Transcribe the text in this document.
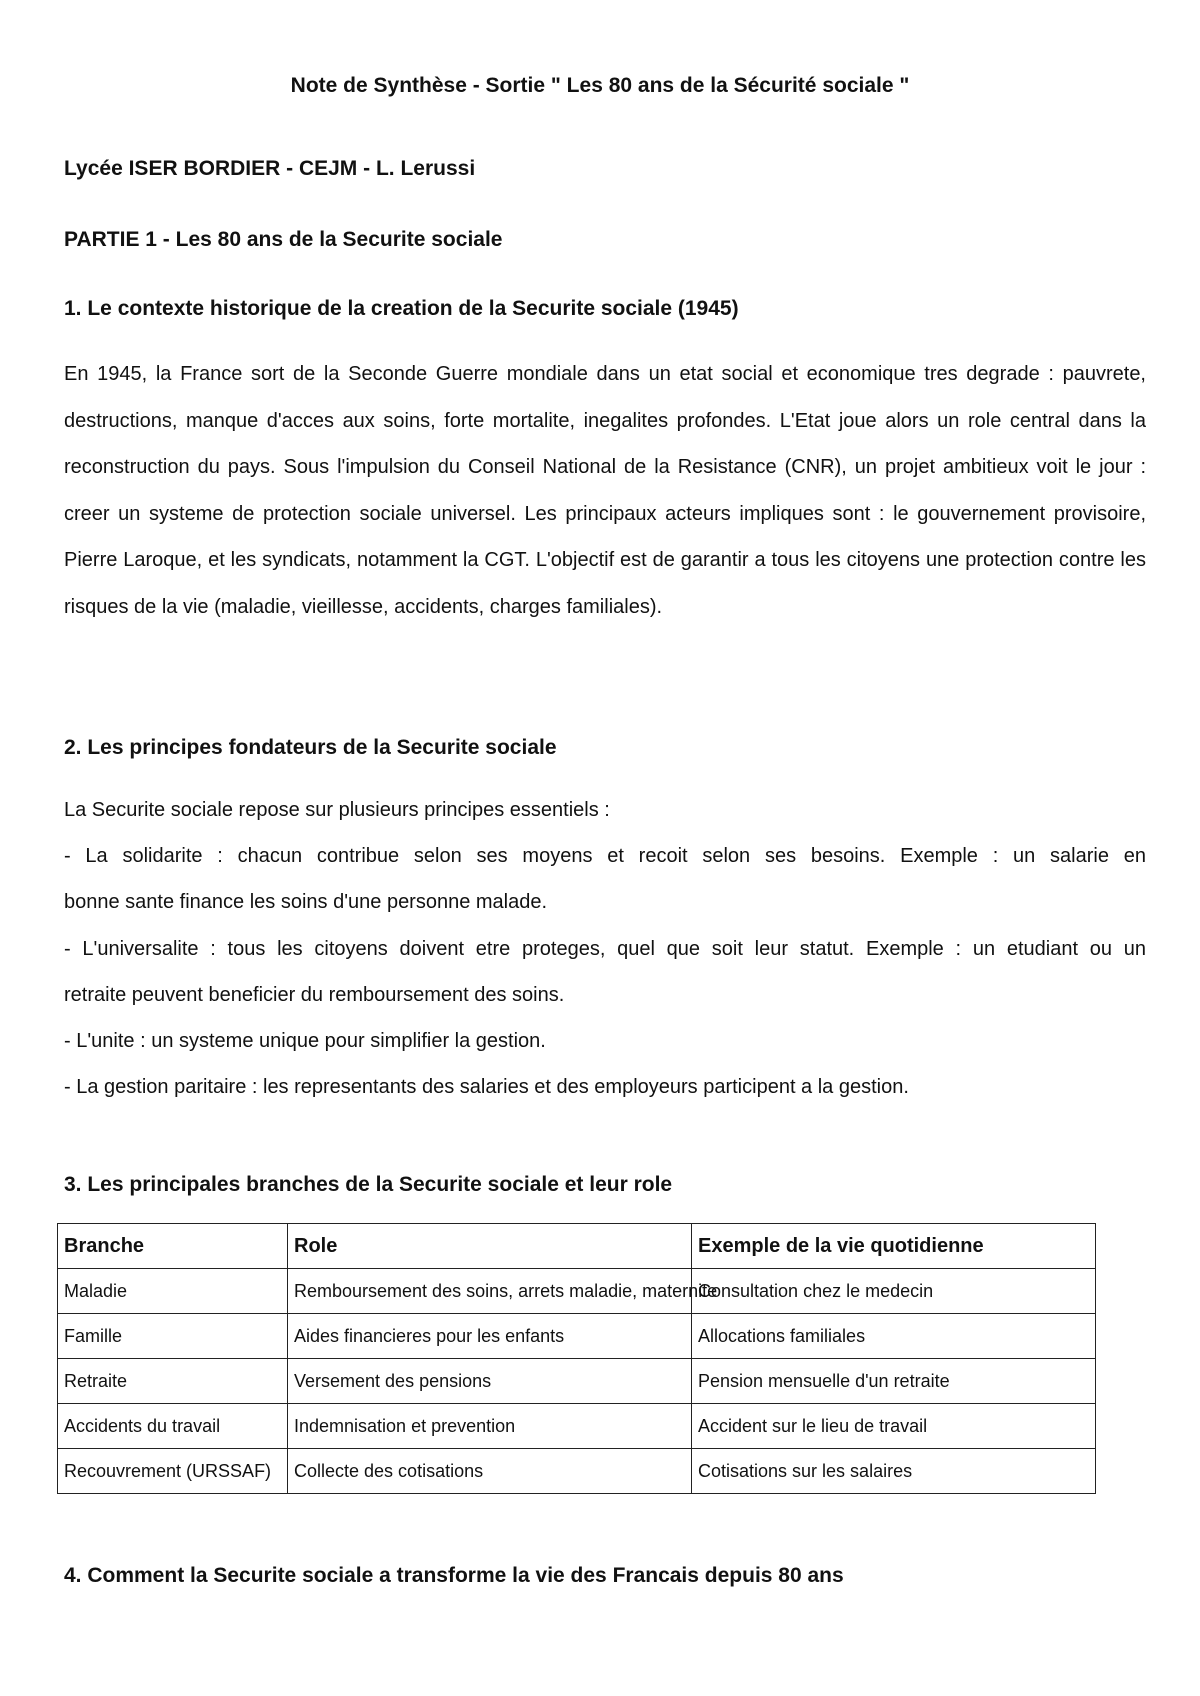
Note de Synthèse - Sortie " Les 80 ans de la Sécurité sociale "
Lycée ISER BORDIER - CEJM - L. Lerussi
PARTIE 1 - Les 80 ans de la Securite sociale
1. Le contexte historique de la creation de la Securite sociale (1945)
En 1945, la France sort de la Seconde Guerre mondiale dans un etat social et economique tres degrade : pauvrete, destructions, manque d'acces aux soins, forte mortalite, inegalites profondes. L'Etat joue alors un role central dans la reconstruction du pays. Sous l'impulsion du Conseil National de la Resistance (CNR), un projet ambitieux voit le jour : creer un systeme de protection sociale universel. Les principaux acteurs impliques sont : le gouvernement provisoire, Pierre Laroque, et les syndicats, notamment la CGT. L'objectif est de garantir a tous les citoyens une protection contre les risques de la vie (maladie, vieillesse, accidents, charges familiales).
2. Les principes fondateurs de la Securite sociale
La Securite sociale repose sur plusieurs principes essentiels :
- La solidarite : chacun contribue selon ses moyens et recoit selon ses besoins. Exemple : un salarie en
bonne sante finance les soins d'une personne malade.
- L'universalite : tous les citoyens doivent etre proteges, quel que soit leur statut. Exemple : un etudiant ou un
retraite peuvent beneficier du remboursement des soins.
- L'unite : un systeme unique pour simplifier la gestion.
- La gestion paritaire : les representants des salaries et des employeurs participent a la gestion.
3. Les principales branches de la Securite sociale et leur role
Branche	Role	Exemple de la vie quotidienne
Maladie	Remboursement des soins, arrets maladie, maternite	Consultation chez le medecin
Famille	Aides financieres pour les enfants	Allocations familiales
Retraite	Versement des pensions	Pension mensuelle d'un retraite
Accidents du travail	Indemnisation et prevention	Accident sur le lieu de travail
Recouvrement (URSSAF)	Collecte des cotisations	Cotisations sur les salaires
4. Comment la Securite sociale a transforme la vie des Francais depuis 80 ans
